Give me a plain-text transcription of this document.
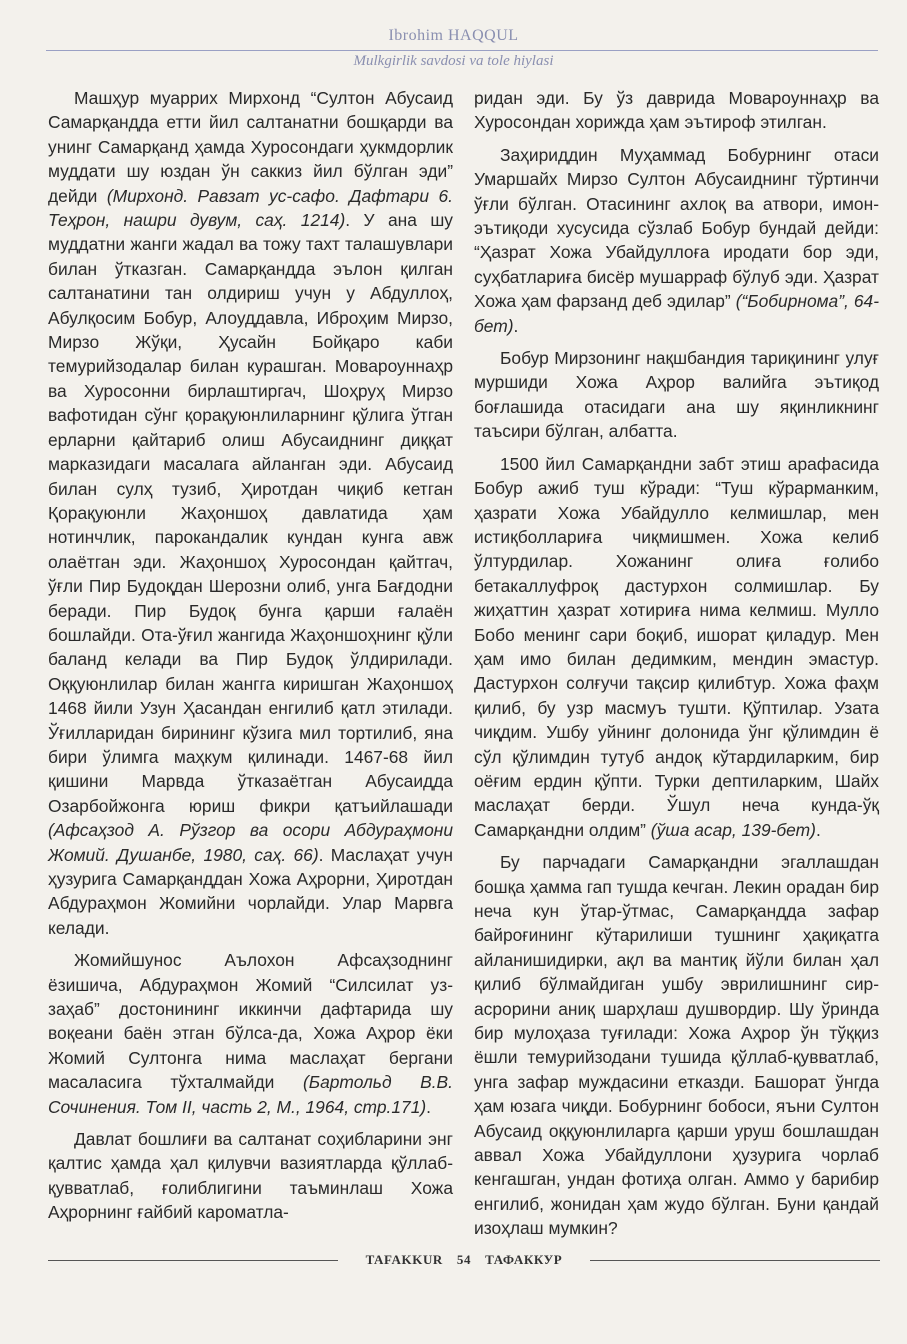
Ibrohim HAQQUL
Mulkgirlik savdosi va tole hiylasi

Машҳур муаррих Мирхонд “Султон Абусаид Самарқандда етти йил салтанатни бошқарди ва унинг Самарқанд ҳамда Хуросондаги ҳукмдорлик муддати шу юздан ўн саккиз йил бўлган эди” дейди (Мирхонд. Равзат ус-сафо. Дафтари 6. Теҳрон, нашри дувум, саҳ. 1214). У ана шу муддатни жанги жадал ва тожу тахт талашувлари билан ўтказган. Самарқандда эълон қилган салтанатини тан олдириш учун у Абдуллоҳ, Абулқосим Бобур, Алоуддавла, Иброҳим Мирзо, Мирзо Жўқи, Ҳусайн Бойқаро каби темурийзодалар билан курашган. Мовароуннаҳр ва Хуросонни бирлаштиргач, Шоҳруҳ Мирзо вафотидан сўнг қорақуюнлиларнинг қўлига ўтган ерларни қайтариб олиш Абусаиднинг диққат марказидаги масалага айланган эди. Абусаид билан сулҳ тузиб, Ҳиротдан чиқиб кетган Қорақуюнли Жаҳоншоҳ давлатида ҳам нотинчлик, парокандалик кундан кунга авж олаётган эди. Жаҳоншоҳ Хуросондан қайтгач, ўғли Пир Будоқдан Шерозни олиб, унга Бағдодни беради. Пир Будоқ бунга қарши ғалаён бошлайди. Ота-ўғил жангида Жаҳоншоҳнинг қўли баланд келади ва Пир Будоқ ўлдирилади. Оққуюнлилар билан жангга киришган Жаҳоншоҳ 1468 йили Узун Ҳасандан енгилиб қатл этилади. Ўғилларидан бирининг кўзига мил тортилиб, яна бири ўлимга маҳкум қилинади. 1467-68 йил қишини Марвда ўтказаётган Абусаидда Озарбойжонга юриш фикри қатъийлашади (Афсаҳзод А. Рўзгор ва осори Абдураҳмони Жомий. Душанбе, 1980, саҳ. 66). Маслаҳат учун ҳузурига Самарқанддан Хожа Аҳрорни, Ҳиротдан Абдураҳмон Жомийни чорлайди. Улар Марвга келади.

Жомийшунос Аълохон Афсаҳзоднинг ёзишича, Абдураҳмон Жомий “Силсилат уз-заҳаб” достонининг иккинчи дафтарида шу воқеани баён этган бўлса-да, Хожа Аҳрор ёки Жомий Султонга нима маслаҳат бергани масаласига тўхталмайди (Бартольд В.В. Сочинения. Том II, часть 2, М., 1964, стр.171).

Давлат бошлиғи ва салтанат соҳибларини энг қалтис ҳамда ҳал қилувчи вазиятларда қўллаб-қувватлаб, ғолиблигини таъминлаш Хожа Аҳрорнинг ғайбий кароматла-

ридан эди. Бу ўз даврида Мовароуннаҳр ва Хуросондан хорижда ҳам эътироф этилган.

Заҳириддин Муҳаммад Бобурнинг отаси Умаршайх Мирзо Султон Абусаиднинг тўртинчи ўғли бўлган. Отасининг ахлоқ ва атвори, имон-эътиқоди хусусида сўзлаб Бобур бундай дейди: “Ҳазрат Хожа Убайдуллоға иродати бор эди, суҳбатлариға бисёр мушарраф бўлуб эди. Ҳазрат Хожа ҳам фарзанд деб эдилар” (“Бобирнома”, 64-бет).

Бобур Мирзонинг нақшбандия тариқининг улуғ муршиди Хожа Аҳрор валийга эътиқод боғлашида отасидаги ана шу яқинликнинг таъсири бўлган, албатта.

1500 йил Самарқандни забт этиш арафасида Бобур ажиб туш кўради: “Туш кўрарманким, ҳазрати Хожа Убайдулло келмишлар, мен истиқболлариға чиқмишмен. Хожа келиб ўлтурдилар. Хожанинг олиға ғолибо бетакаллуфроқ дастурхон солмишлар. Бу жиҳаттин ҳазрат хотириға нима келмиш. Мулло Бобо менинг сари боқиб, ишорат қиладур. Мен ҳам имо билан дедимким, мендин эмастур. Дастурхон солғучи тақсир қилибтур. Хожа фаҳм қилиб, бу узр масмуъ тушти. Қўптилар. Узата чиқдим. Ушбу уйнинг долонида ўнг қўлимдин ё сўл қўлимдин тутуб андоқ кўтардиларким, бир оёғим ердин қўпти. Турки дептиларким, Шайх маслаҳат берди. Ўшул неча кунда-ўқ Самарқандни олдим” (ўша асар, 139-бет).

Бу парчадаги Самарқандни эгаллашдан бошқа ҳамма гап тушда кечган. Лекин орадан бир неча кун ўтар-ўтмас, Самарқандда зафар байроғининг кўтарилиши тушнинг ҳақиқатга айланишидирки, ақл ва мантиқ йўли билан ҳал қилиб бўлмайдиган ушбу эврилишнинг сир-асрорини аниқ шарҳлаш душвордир. Шу ўринда бир мулоҳаза туғилади: Хожа Аҳрор ўн тўққиз ёшли темурийзодани тушида қўллаб-қувватлаб, унга зафар муждасини етказди. Башорат ўнгда ҳам юзага чиқди. Бобурнинг бобоси, яъни Султон Абусаид оққуюнлиларга қарши уруш бошлашдан аввал Хожа Убайдуллони ҳузурига чорлаб кенгашган, ундан фотиҳа олган. Аммо у барибир енгилиб, жонидан ҳам жудо бўлган. Буни қандай изоҳлаш мумкин?

TAFAKKUR 54 ТАФАККУР
